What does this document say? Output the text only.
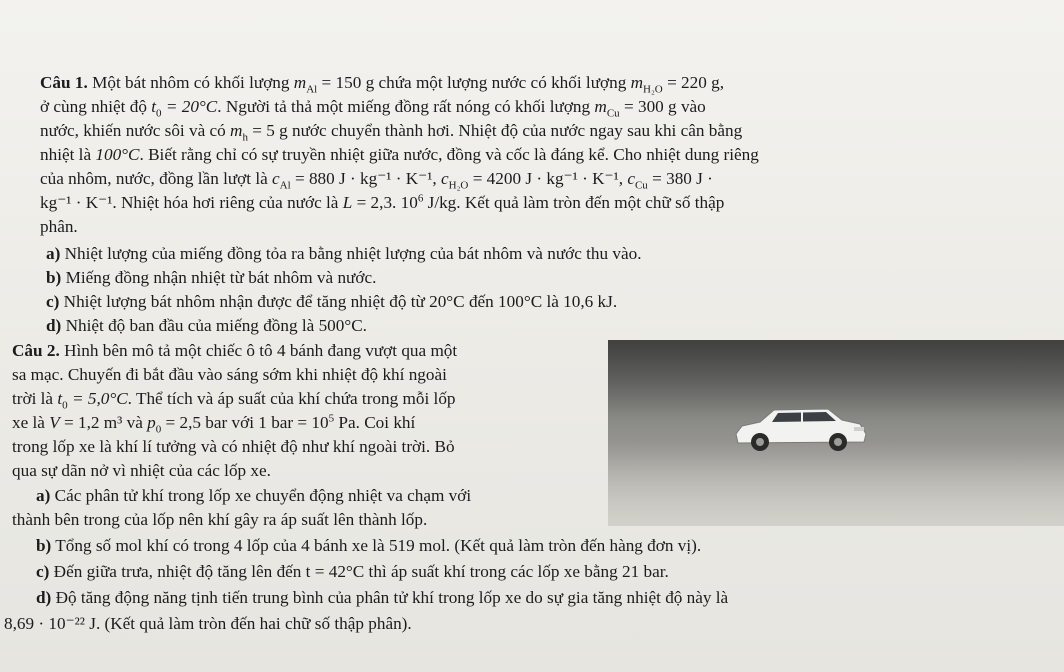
Câu 1. Một bát nhôm có khối lượng $m_{Al} = 150$ g chứa một lượng nước có khối lượng $m_{H_2O} = 220$ g,
ở cùng nhiệt độ $t_0 = 20^\circ C$. Người tả thả một miếng đồng rất nóng có khối lượng $m_{Cu} = 300$ g vào
nước, khiến nước sôi và có $m_h = 5$ g nước chuyển thành hơi. Nhiệt độ của nước ngay sau khi cân bằng
nhiệt là 100°C. Biết rằng chỉ có sự truyền nhiệt giữa nước, đồng và cốc là đáng kể. Cho nhiệt dung riêng
của nhôm, nước, đồng lần lượt là $c_{Al} = 880$ J · kg⁻¹ · K⁻¹, $c_{H_2O} = 4200$ J · kg⁻¹ · K⁻¹, $c_{Cu} = 380$ J ·
kg⁻¹ · K⁻¹. Nhiệt hóa hơi riêng của nước là L = 2,3. $10^6$ J/kg. Kết quả làm tròn đến một chữ số thập
phân.
a) Nhiệt lượng của miếng đồng tỏa ra bằng nhiệt lượng của bát nhôm và nước thu vào.
b) Miếng đồng nhận nhiệt từ bát nhôm và nước.
c) Nhiệt lượng bát nhôm nhận được để tăng nhiệt độ từ 20°C đến 100°C là 10,6 kJ.
d) Nhiệt độ ban đầu của miếng đồng là 500°C.
Câu 2. Hình bên mô tả một chiếc ô tô 4 bánh đang vượt qua một
sa mạc. Chuyến đi bắt đầu vào sáng sớm khi nhiệt độ khí ngoài
trời là $t_0 = 5,0^\circ C$. Thể tích và áp suất của khí chứa trong mỗi lốp
xe là V = 1,2 m³ và $p_0 = 2,5$ bar với 1 bar = $10^5$ Pa. Coi khí
trong lốp xe là khí lí tưởng và có nhiệt độ như khí ngoài trời. Bỏ
qua sự dãn nở vì nhiệt của các lốp xe.
a) Các phân tử khí trong lốp xe chuyển động nhiệt va chạm với
thành bên trong của lốp nên khí gây ra áp suất lên thành lốp.
b) Tổng số mol khí có trong 4 lốp của 4 bánh xe là 519 mol. (Kết quả làm tròn đến hàng đơn vị).
c) Đến giữa trưa, nhiệt độ tăng lên đến t = 42°C thì áp suất khí trong các lốp xe bằng 21 bar.
d) Độ tăng động năng tịnh tiến trung bình của phân tử khí trong lốp xe do sự gia tăng nhiệt độ này là
8,69 · 10⁻²² J. (Kết quả làm tròn đến hai chữ số thập phân).
